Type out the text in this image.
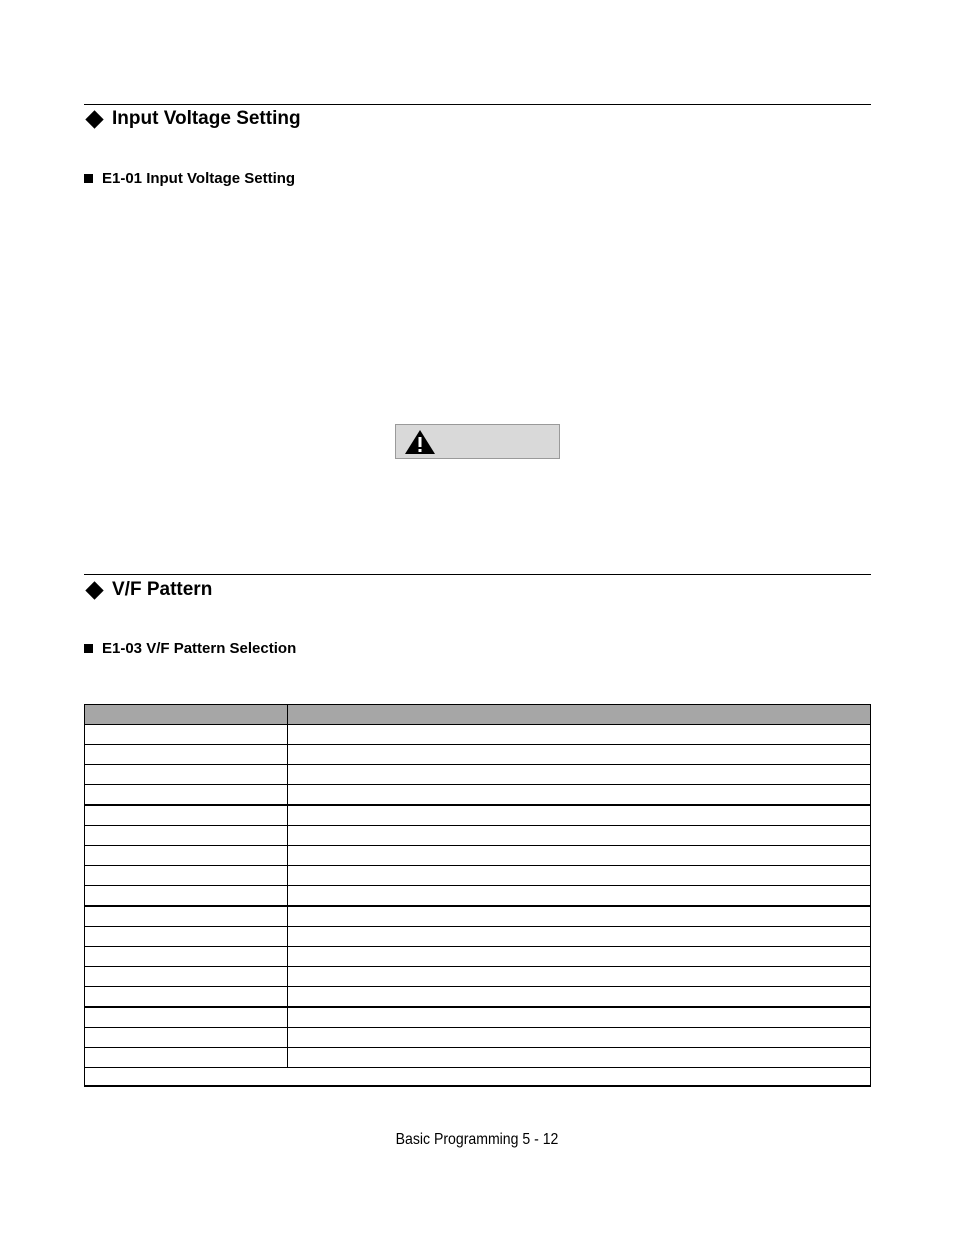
Input Voltage Setting
E1-01 Input Voltage Setting
V/F Pattern
E1-03 V/F Pattern Selection

Basic Programming 5 - 12
